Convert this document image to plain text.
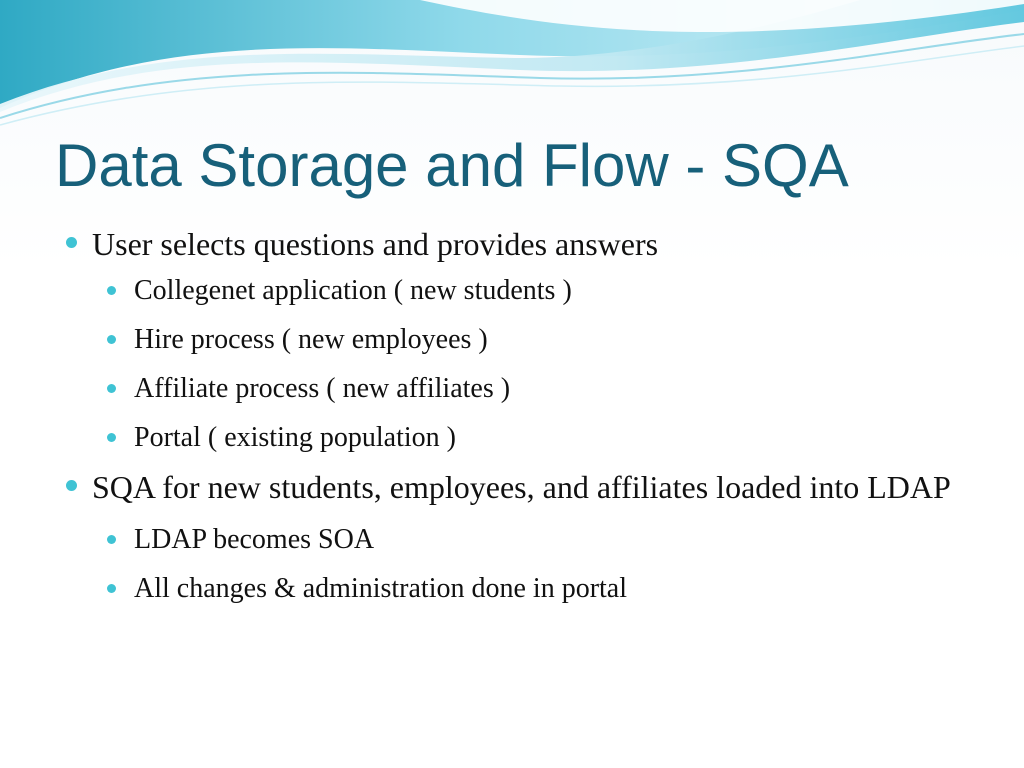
Data Storage and Flow - SQA
User selects questions and provides answers
Collegenet application ( new students )
Hire process ( new employees )
Affiliate process ( new affiliates )
Portal ( existing population )
SQA for new students, employees, and affiliates loaded into LDAP
LDAP becomes SOA
All changes & administration done in portal
